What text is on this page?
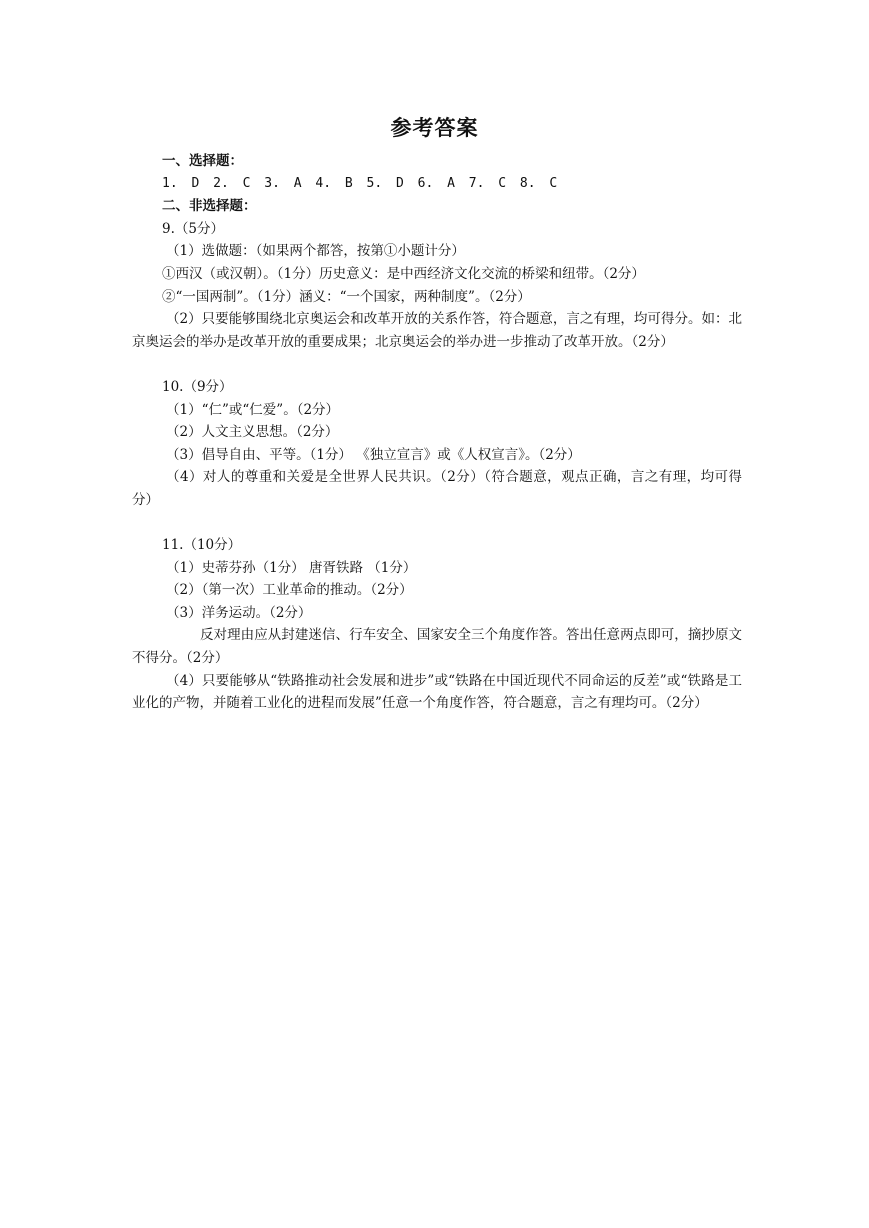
参考答案
一、选择题：
1. D 2. C 3. A 4. B 5. D 6. A 7. C 8. C
二、非选择题：
9.（5分）
（1）选做题：（如果两个都答，按第①小题计分）
①西汉（或汉朝）。（1分）历史意义：是中西经济文化交流的桥梁和纽带。（2分）
②“一国两制”。（1分）涵义：“一个国家，两种制度”。（2分）
（2）只要能够围绕北京奥运会和改革开放的关系作答，符合题意，言之有理，均可得分。如：北京奥运会的举办是改革开放的重要成果；北京奥运会的举办进一步推动了改革开放。（2分）
10.（9分）
（1）“仁”或“仁爱”。（2分）
（2）人文主义思想。（2分）
（3）倡导自由、平等。（1分） 《独立宣言》或《人权宣言》。（2分）
（4）对人的尊重和关爱是全世界人民共识。（2分）（符合题意，观点正确，言之有理，均可得分）
11.（10分）
（1）史蒂芬孙（1分） 唐胥铁路 （1分）
（2）（第一次）工业革命的推动。（2分）
（3）洋务运动。（2分）
反对理由应从封建迷信、行车安全、国家安全三个角度作答。答出任意两点即可，摘抄原文不得分。（2分）
（4）只要能够从“铁路推动社会发展和进步”或“铁路在中国近现代不同命运的反差”或“铁路是工业化的产物，并随着工业化的进程而发展”任意一个角度作答，符合题意，言之有理均可。（2分）
